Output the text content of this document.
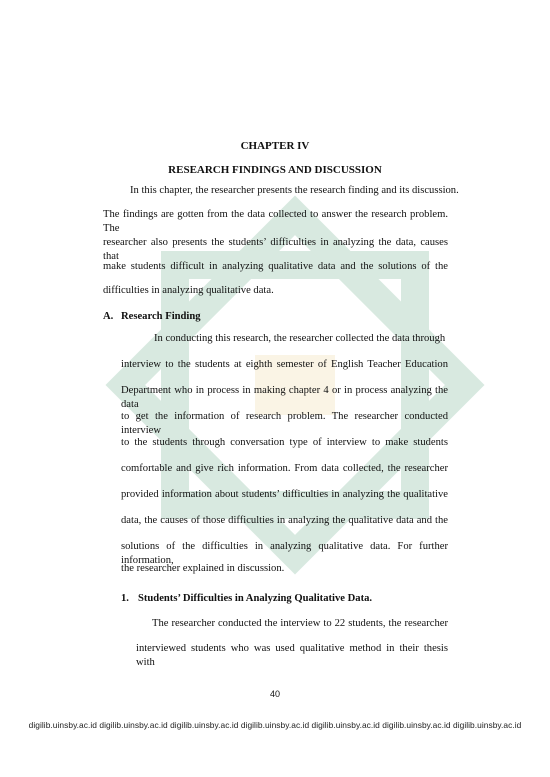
CHAPTER IV
RESEARCH FINDINGS AND DISCUSSION
In this chapter, the researcher presents the research finding and its discussion.
The findings are gotten from the data collected to answer the research problem. The
researcher also presents the students’ difficulties in analyzing the data, causes that
make students difficult in analyzing qualitative data and the solutions of the
difficulties in analyzing qualitative data.
A. Research Finding
In conducting this research, the researcher collected the data through
interview to the students at eighth semester of English Teacher Education
Department who in process in making chapter 4 or in process analyzing the data
to get the information of research problem. The researcher conducted interview
to the students through conversation type of interview to make students
comfortable and give rich information. From data collected, the researcher
provided information about students’ difficulties in analyzing the qualitative
data, the causes of those difficulties in analyzing the qualitative data and the
solutions of the difficulties in analyzing qualitative data. For further information,
the researcher explained in discussion.
1. Students’ Difficulties in Analyzing Qualitative Data.
The researcher conducted the interview to 22 students, the researcher
interviewed students who was used qualitative method in their thesis with
40
digilib.uinsby.ac.id digilib.uinsby.ac.id digilib.uinsby.ac.id digilib.uinsby.ac.id digilib.uinsby.ac.id digilib.uinsby.ac.id digilib.uinsby.ac.id
